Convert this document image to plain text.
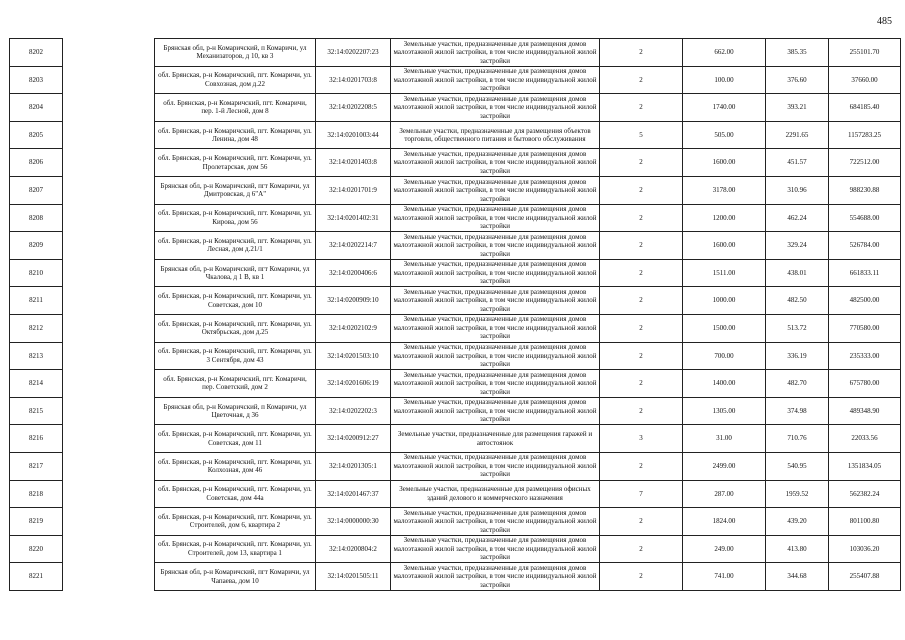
485
8202		Брянская обл, р-н Комаричский, п Комаричи, ул Механизаторов, д 10, кв 3	32:14:0202207:23	Земельные участки, предназначенные для размещения домов малоэтажной жилой застройки, в том числе индивидуальной жилой застройки	2	662.00	385.35	255101.70
8203		обл. Брянская, р-н Комаричский, пгт. Комаричи, ул. Совхозная, дом д.22	32:14:0201703:8	Земельные участки, предназначенные для размещения домов малоэтажной жилой застройки, в том числе индивидуальной жилой застройки	2	100.00	376.60	37660.00
8204		обл. Брянская, р-н Комаричский, пгт. Комаричи, пер. 1-й Лесной, дом 8	32:14:0202208:5	Земельные участки, предназначенные для размещения домов малоэтажной жилой застройки, в том числе индивидуальной жилой застройки	2	1740.00	393.21	684185.40
8205		обл. Брянская, р-н Комаричский, пгт. Комаричи, ул. Ленина, дом 48	32:14:0201003:44	Земельные участки, предназначенные для размещения объектов торговли, общественного питания и бытового обслуживания	5	505.00	2291.65	1157283.25
8206		обл. Брянская, р-н Комаричский, пгт. Комаричи, ул. Пролетарская, дом 56	32:14:0201403:8	Земельные участки, предназначенные для размещения домов малоэтажной жилой застройки, в том числе индивидуальной жилой застройки	2	1600.00	451.57	722512.00
8207		Брянская обл, р-н Комаричский, пгт Комаричи, ул Дмитровская, д 6"А"	32:14:0201701:9	Земельные участки, предназначенные для размещения домов малоэтажной жилой застройки, в том числе индивидуальной жилой застройки	2	3178.00	310.96	988230.88
8208		обл. Брянская, р-н Комаричский, пгт. Комаричи, ул. Кирова, дом 56	32:14:0201402:31	Земельные участки, предназначенные для размещения домов малоэтажной жилой застройки, в том числе индивидуальной жилой застройки	2	1200.00	462.24	554688.00
8209		обл. Брянская, р-н Комаричский, пгт. Комаричи, ул. Лесная, дом д.21/1	32:14:0202214:7	Земельные участки, предназначенные для размещения домов малоэтажной жилой застройки, в том числе индивидуальной жилой застройки	2	1600.00	329.24	526784.00
8210		Брянская обл, р-н Комаричский, пгт Комаричи, ул Чкалова, д 1 В, кв 1	32:14:0200406:6	Земельные участки, предназначенные для размещения домов малоэтажной жилой застройки, в том числе индивидуальной жилой застройки	2	1511.00	438.01	661833.11
8211		обл. Брянская, р-н Комаричский, пгт. Комаричи, ул. Советская, дом 10	32:14:0200909:10	Земельные участки, предназначенные для размещения домов малоэтажной жилой застройки, в том числе индивидуальной жилой застройки	2	1000.00	482.50	482500.00
8212		обл. Брянская, р-н Комаричский, пгт. Комаричи, ул. Октябрьская, дом д.25	32:14:0202102:9	Земельные участки, предназначенные для размещения домов малоэтажной жилой застройки, в том числе индивидуальной жилой застройки	2	1500.00	513.72	770580.00
8213		обл. Брянская, р-н Комаричский, пгт. Комаричи, ул. 3 Сентября, дом 43	32:14:0201503:10	Земельные участки, предназначенные для размещения домов малоэтажной жилой застройки, в том числе индивидуальной жилой застройки	2	700.00	336.19	235333.00
8214		обл. Брянская, р-н Комаричский, пгт. Комаричи, пер. Советский, дом 2	32:14:0201606:19	Земельные участки, предназначенные для размещения домов малоэтажной жилой застройки, в том числе индивидуальной жилой застройки	2	1400.00	482.70	675780.00
8215		Брянская обл, р-н Комаричский, п Комаричи, ул Цветочная, д 36	32:14:0202202:3	Земельные участки, предназначенные для размещения домов малоэтажной жилой застройки, в том числе индивидуальной жилой застройки	2	1305.00	374.98	489348.90
8216		обл. Брянская, р-н Комаричский, пгт. Комаричи, ул. Советская, дом 11	32:14:0200912:27	Земельные участки, предназначенные для размещения гаражей и автостоянок	3	31.00	710.76	22033.56
8217		обл. Брянская, р-н Комаричский, пгт. Комаричи, ул. Колхозная, дом 46	32:14:0201305:1	Земельные участки, предназначенные для размещения домов малоэтажной жилой застройки, в том числе индивидуальной жилой застройки	2	2499.00	540.95	1351834.05
8218		обл. Брянская, р-н Комаричский, пгт. Комаричи, ул. Советская, дом 44а	32:14:0201467:37	Земельные участки, предназначенные для размещения офисных зданий делового и коммерческого назначения	7	287.00	1959.52	562382.24
8219		обл. Брянская, р-н Комаричский, пгт. Комаричи, ул. Строителей, дом 6, квартира 2	32:14:0000000:30	Земельные участки, предназначенные для размещения домов малоэтажной жилой застройки, в том числе индивидуальной жилой застройки	2	1824.00	439.20	801100.80
8220		обл. Брянская, р-н Комаричский, пгт. Комаричи, ул. Строителей, дом 13, квартира 1	32:14:0200804:2	Земельные участки, предназначенные для размещения домов малоэтажной жилой застройки, в том числе индивидуальной жилой застройки	2	249.00	413.80	103036.20
8221		Брянская обл, р-н Комаричский, пгт Комаричи, ул Чапаева, дом 10	32:14:0201505:11	Земельные участки, предназначенные для размещения домов малоэтажной жилой застройки, в том числе индивидуальной жилой застройки	2	741.00	344.68	255407.88
